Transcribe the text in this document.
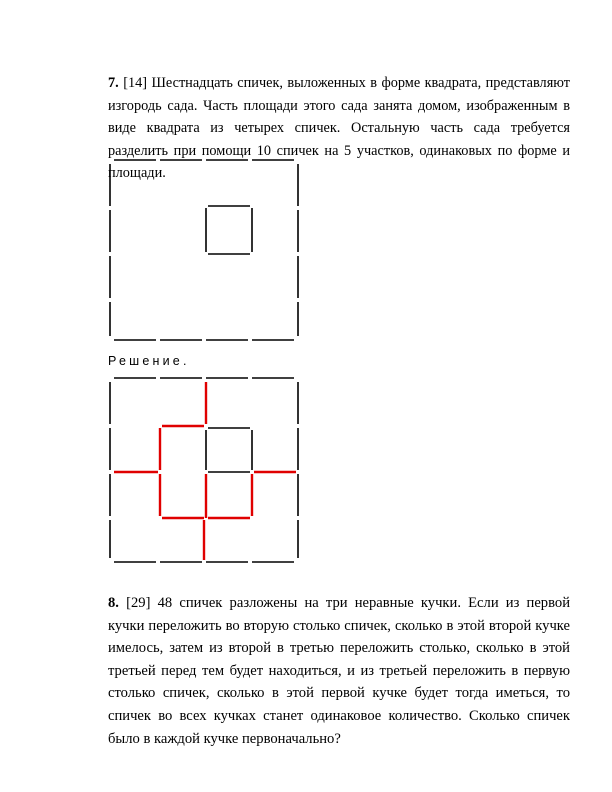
7. [14] Шестнадцать спичек, выложенных в форме квадрата, представляют изгородь сада. Часть площади этого сада занята домом, изображенным в виде квадрата из четырех спичек. Остальную часть сада требуется разделить при помощи 10 спичек на 5 участков, одинаковых по форме и площади.
Решение.
8. [29] 48 спичек разложены на три неравные кучки. Если из первой кучки переложить во вторую столько спичек, сколько в этой второй кучке имелось, затем из второй в третью переложить столько, сколько в этой третьей перед тем будет находиться, и из третьей переложить в первую столько спичек, сколько в этой первой кучке будет тогда иметься, то спичек во всех кучках станет одинаковое количество. Сколько спичек было в каждой кучке первоначально?
